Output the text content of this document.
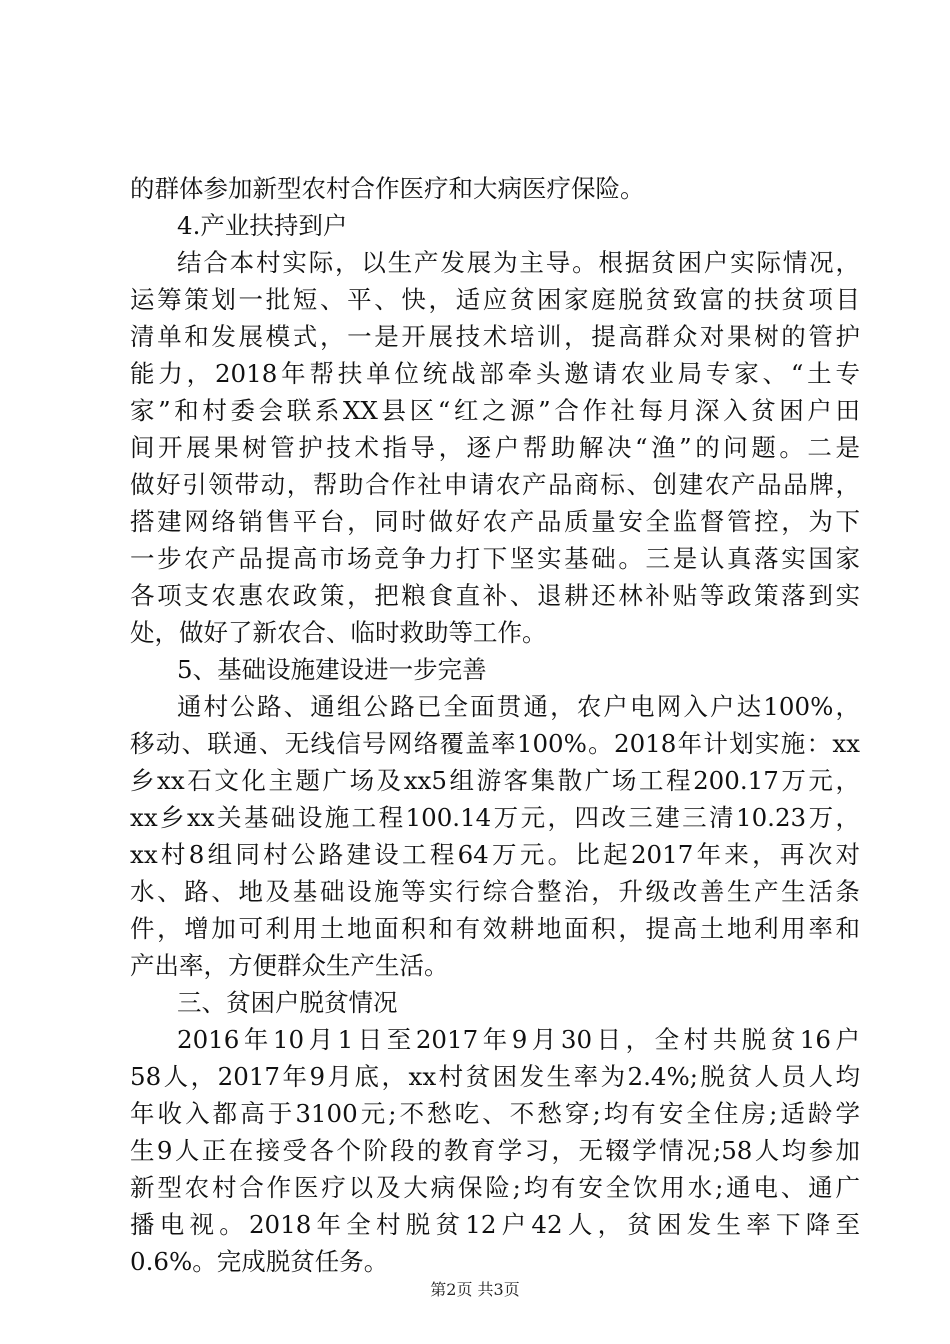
的群体参加新型农村合作医疗和大病医疗保险。
4.产业扶持到户
结合本村实际，以生产发展为主导。根据贫困户实际情况，
运筹策划一批短、平、快，适应贫困家庭脱贫致富的扶贫项目
清单和发展模式，一是开展技术培训，提高群众对果树的管护
能力，2018年帮扶单位统战部牵头邀请农业局专家、“土专
家”和村委会联系XX县区“红之源”合作社每月深入贫困户田
间开展果树管护技术指导，逐户帮助解决“渔”的问题。二是
做好引领带动，帮助合作社申请农产品商标、创建农产品品牌，
搭建网络销售平台，同时做好农产品质量安全监督管控，为下
一步农产品提高市场竞争力打下坚实基础。三是认真落实国家
各项支农惠农政策，把粮食直补、退耕还林补贴等政策落到实
处，做好了新农合、临时救助等工作。
5、基础设施建设进一步完善
通村公路、通组公路已全面贯通，农户电网入户达100%，
移动、联通、无线信号网络覆盖率100%。2018年计划实施：xx
乡xx石文化主题广场及xx5组游客集散广场工程200.17万元，
xx乡xx关基础设施工程100.14万元，四改三建三清10.23万，
xx村8组同村公路建设工程64万元。比起2017年来，再次对
水、路、地及基础设施等实行综合整治，升级改善生产生活条
件，增加可利用土地面积和有效耕地面积，提高土地利用率和
产出率，方便群众生产生活。
三、贫困户脱贫情况
2016年10月1日至2017年9月30日，全村共脱贫16户
58人，2017年9月底，xx村贫困发生率为2.4%;脱贫人员人均
年收入都高于3100元;不愁吃、不愁穿;均有安全住房;适龄学
生9人正在接受各个阶段的教育学习，无辍学情况;58人均参加
新型农村合作医疗以及大病保险;均有安全饮用水;通电、通广
播电视。2018年全村脱贫12户42人，贫困发生率下降至
0.6%。完成脱贫任务。
第2页 共3页
